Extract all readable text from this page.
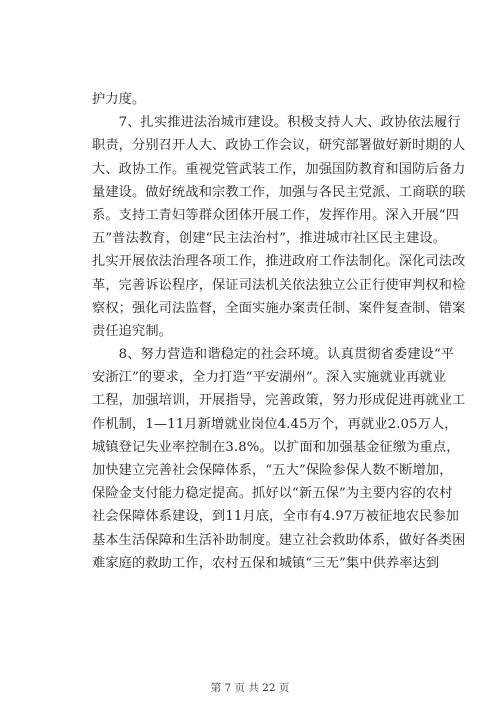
护力度。
　　7、扎实推进法治城市建设。积极支持人大、政协依法履行
职责，分别召开人大、政协工作会议，研究部署做好新时期的人
大、政协工作。重视党管武装工作，加强国防教育和国防后备力
量建设。做好统战和宗教工作，加强与各民主党派、工商联的联
系。支持工青妇等群众团体开展工作，发挥作用。深入开展“四
五”普法教育，创建“民主法治村”，推进城市社区民主建设。
扎实开展依法治理各项工作，推进政府工作法制化。深化司法改
革，完善诉讼程序，保证司法机关依法独立公正行使审判权和检
察权；强化司法监督，全面实施办案责任制、案件复查制、错案
责任追究制。
　　8、努力营造和谐稳定的社会环境。认真贯彻省委建设“平
安浙江”的要求，全力打造“平安湖州”。深入实施就业再就业
工程，加强培训，开展指导，完善政策，努力形成促进再就业工
作机制，1—11月新增就业岗位4.45万个，再就业2.05万人，
城镇登记失业率控制在3.8%。以扩面和加强基金征缴为重点，
加快建立完善社会保障体系，“五大”保险参保人数不断增加，
保险金支付能力稳定提高。抓好以“新五保”为主要内容的农村
社会保障体系建设，到11月底，全市有4.97万被征地农民参加
基本生活保障和生活补助制度。建立社会救助体系，做好各类困
难家庭的救助工作，农村五保和城镇“三无”集中供养率达到
第 7 页 共 22 页
